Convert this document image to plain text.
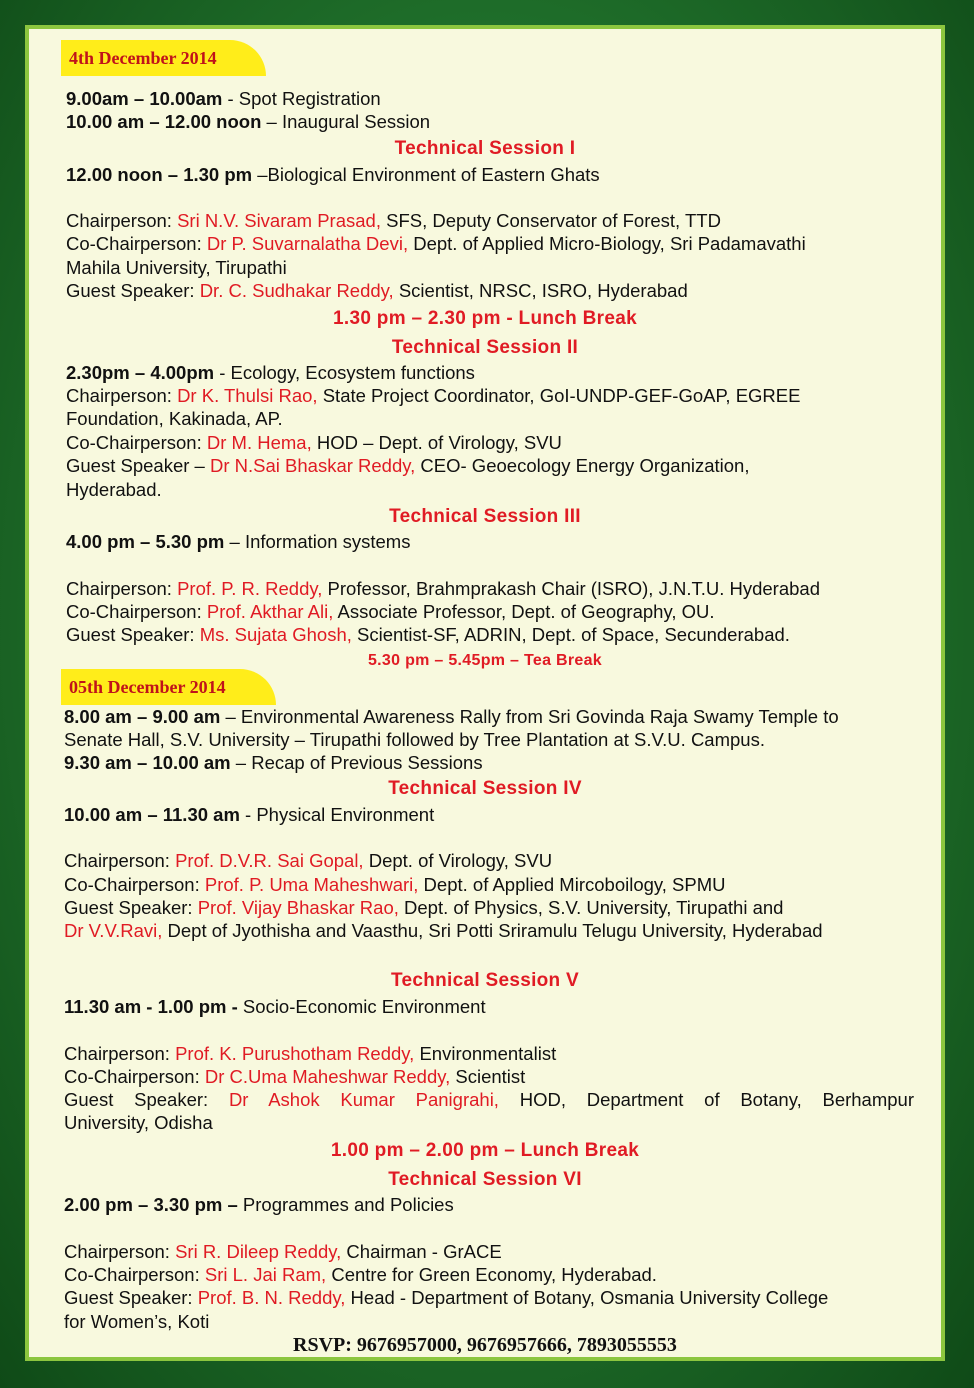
4th December 2014
9.00am – 10.00am - Spot Registration
10.00 am – 12.00 noon – Inaugural Session
Technical Session I
12.00 noon – 1.30 pm –Biological Environment of Eastern Ghats
Chairperson: Sri N.V. Sivaram Prasad, SFS, Deputy Conservator of Forest, TTD
Co-Chairperson: Dr P. Suvarnalatha Devi, Dept. of Applied Micro-Biology, Sri Padamavathi
Mahila University, Tirupathi
Guest Speaker: Dr. C. Sudhakar Reddy, Scientist, NRSC, ISRO, Hyderabad
1.30 pm – 2.30 pm - Lunch Break
Technical Session II
2.30pm – 4.00pm - Ecology, Ecosystem functions
Chairperson: Dr K. Thulsi Rao, State Project Coordinator, GoI-UNDP-GEF-GoAP, EGREE
Foundation, Kakinada, AP.
Co-Chairperson: Dr M. Hema, HOD – Dept. of Virology, SVU
Guest Speaker – Dr N.Sai Bhaskar Reddy, CEO- Geoecology Energy Organization,
Hyderabad.
Technical Session III
4.00 pm – 5.30 pm – Information systems
Chairperson: Prof. P. R. Reddy, Professor, Brahmprakash Chair (ISRO), J.N.T.U. Hyderabad
Co-Chairperson: Prof. Akthar Ali, Associate Professor, Dept. of Geography, OU.
Guest Speaker: Ms. Sujata Ghosh, Scientist-SF, ADRIN, Dept. of Space, Secunderabad.
5.30 pm – 5.45pm – Tea Break
05th December 2014
8.00 am – 9.00 am – Environmental Awareness Rally from Sri Govinda Raja Swamy Temple to
Senate Hall, S.V. University – Tirupathi followed by Tree Plantation at S.V.U. Campus.
9.30 am – 10.00 am – Recap of Previous Sessions
Technical Session IV
10.00 am – 11.30 am - Physical Environment
Chairperson: Prof. D.V.R. Sai Gopal, Dept. of Virology, SVU
Co-Chairperson: Prof. P. Uma Maheshwari, Dept. of Applied Mircoboilogy, SPMU
Guest Speaker: Prof. Vijay Bhaskar Rao, Dept. of Physics, S.V. University, Tirupathi and
Dr V.V.Ravi, Dept of Jyothisha and Vaasthu, Sri Potti Sriramulu Telugu University, Hyderabad
Technical Session V
11.30 am - 1.00 pm - Socio-Economic Environment
Chairperson: Prof. K. Purushotham Reddy, Environmentalist
Co-Chairperson: Dr C.Uma Maheshwar Reddy, Scientist
Guest Speaker: Dr Ashok Kumar Panigrahi, HOD, Department of Botany, Berhampur
University, Odisha
1.00 pm – 2.00 pm – Lunch Break
Technical Session VI
2.00 pm – 3.30 pm – Programmes and Policies
Chairperson: Sri R. Dileep Reddy, Chairman - GrACE
Co-Chairperson: Sri L. Jai Ram, Centre for Green Economy, Hyderabad.
Guest Speaker: Prof. B. N. Reddy, Head - Department of Botany, Osmania University College
for Women’s, Koti
RSVP: 9676957000, 9676957666, 7893055553
